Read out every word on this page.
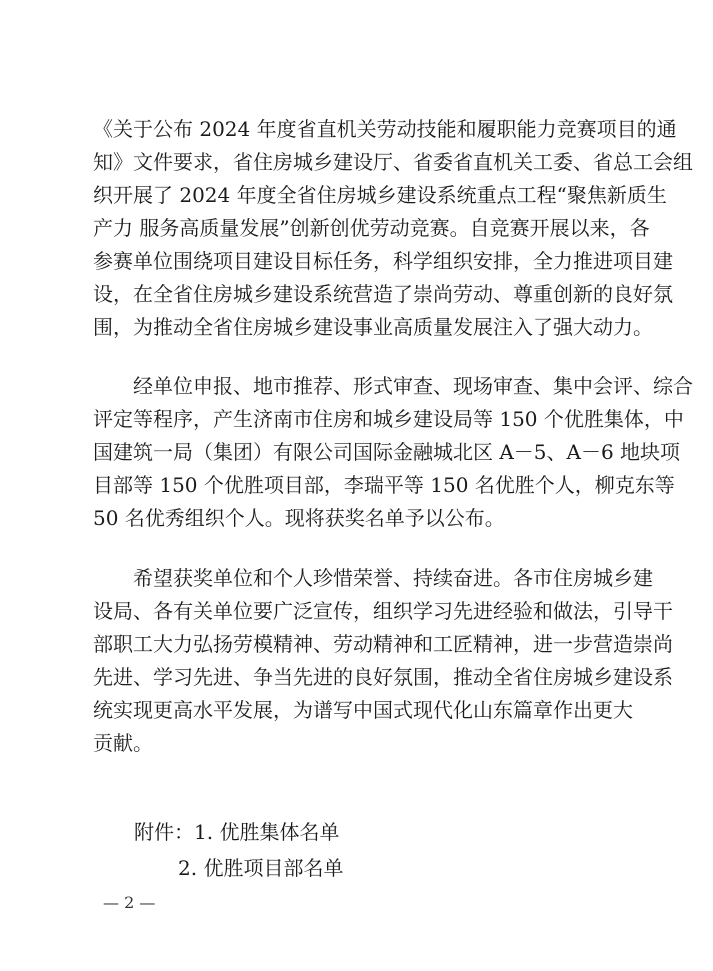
《关于公布 2024 年度省直机关劳动技能和履职能力竞赛项目的通
知》文件要求，省住房城乡建设厅、省委省直机关工委、省总工会组
织开展了 2024 年度全省住房城乡建设系统重点工程“聚焦新质生
产力 服务高质量发展”创新创优劳动竞赛。自竞赛开展以来，各
参赛单位围绕项目建设目标任务，科学组织安排，全力推进项目建
设，在全省住房城乡建设系统营造了崇尚劳动、尊重创新的良好氛
围，为推动全省住房城乡建设事业高质量发展注入了强大动力。
经单位申报、地市推荐、形式审查、现场审查、集中会评、综合
评定等程序，产生济南市住房和城乡建设局等 150 个优胜集体，中
国建筑一局（集团）有限公司国际金融城北区 A－5、A－6 地块项
目部等 150 个优胜项目部，李瑞平等 150 名优胜个人，柳克东等
50 名优秀组织个人。现将获奖名单予以公布。
希望获奖单位和个人珍惜荣誉、持续奋进。各市住房城乡建
设局、各有关单位要广泛宣传，组织学习先进经验和做法，引导干
部职工大力弘扬劳模精神、劳动精神和工匠精神，进一步营造崇尚
先进、学习先进、争当先进的良好氛围，推动全省住房城乡建设系
统实现更高水平发展，为谱写中国式现代化山东篇章作出更大
贡献。
附件：1. 优胜集体名单
2. 优胜项目部名单
— 2 —
